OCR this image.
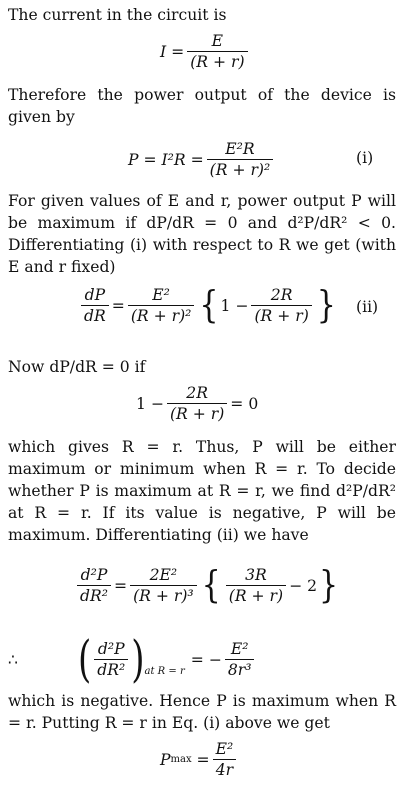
The current in the circuit is
$I = \frac{E}{(R + r)}$
Therefore the power output of the device is given by
$P = I^2R = \frac{\text{E²R}}{\text{(R + r)²}}$	(i)
For given values of E and r, power output P will be maximum if dP/dR = 0 and d²P/dR² < 0. Differentiating (i) with respect to R we get (with E and r fixed)
$\frac{dP}{dR} = \frac{\text{E²}}{\text{(R + r)²}}$ { $1 - \frac{2R}{(R + r)}$ } (ii)
Now dP/dR = 0 if
$1 - \frac{2R}{(R + r)} = 0$
which gives R = r. Thus, P will be either maximum or minimum when R = r. To decide whether P is maximum at R = r, we find d²P/dR² at R = r. If its value is negative, P will be maximum. Differentiating (ii) we have
$\frac{\text{d²P}}{\text{dR²}} = \frac{\text{2E²}}{\text{(R + r)³}}$ { $\frac{3R}{(R + r)} - 2$ }
∴	( $\frac{\text{d²P}}{\text{dR²}}$ ) at R = r
= − $\frac{\text{E²}}{\text{8r³}}$
which is negative. Hence P is maximum when R = r. Putting R = r in Eq. (i) above we get
P $\max = \frac{\text{E²}}{4r}$
